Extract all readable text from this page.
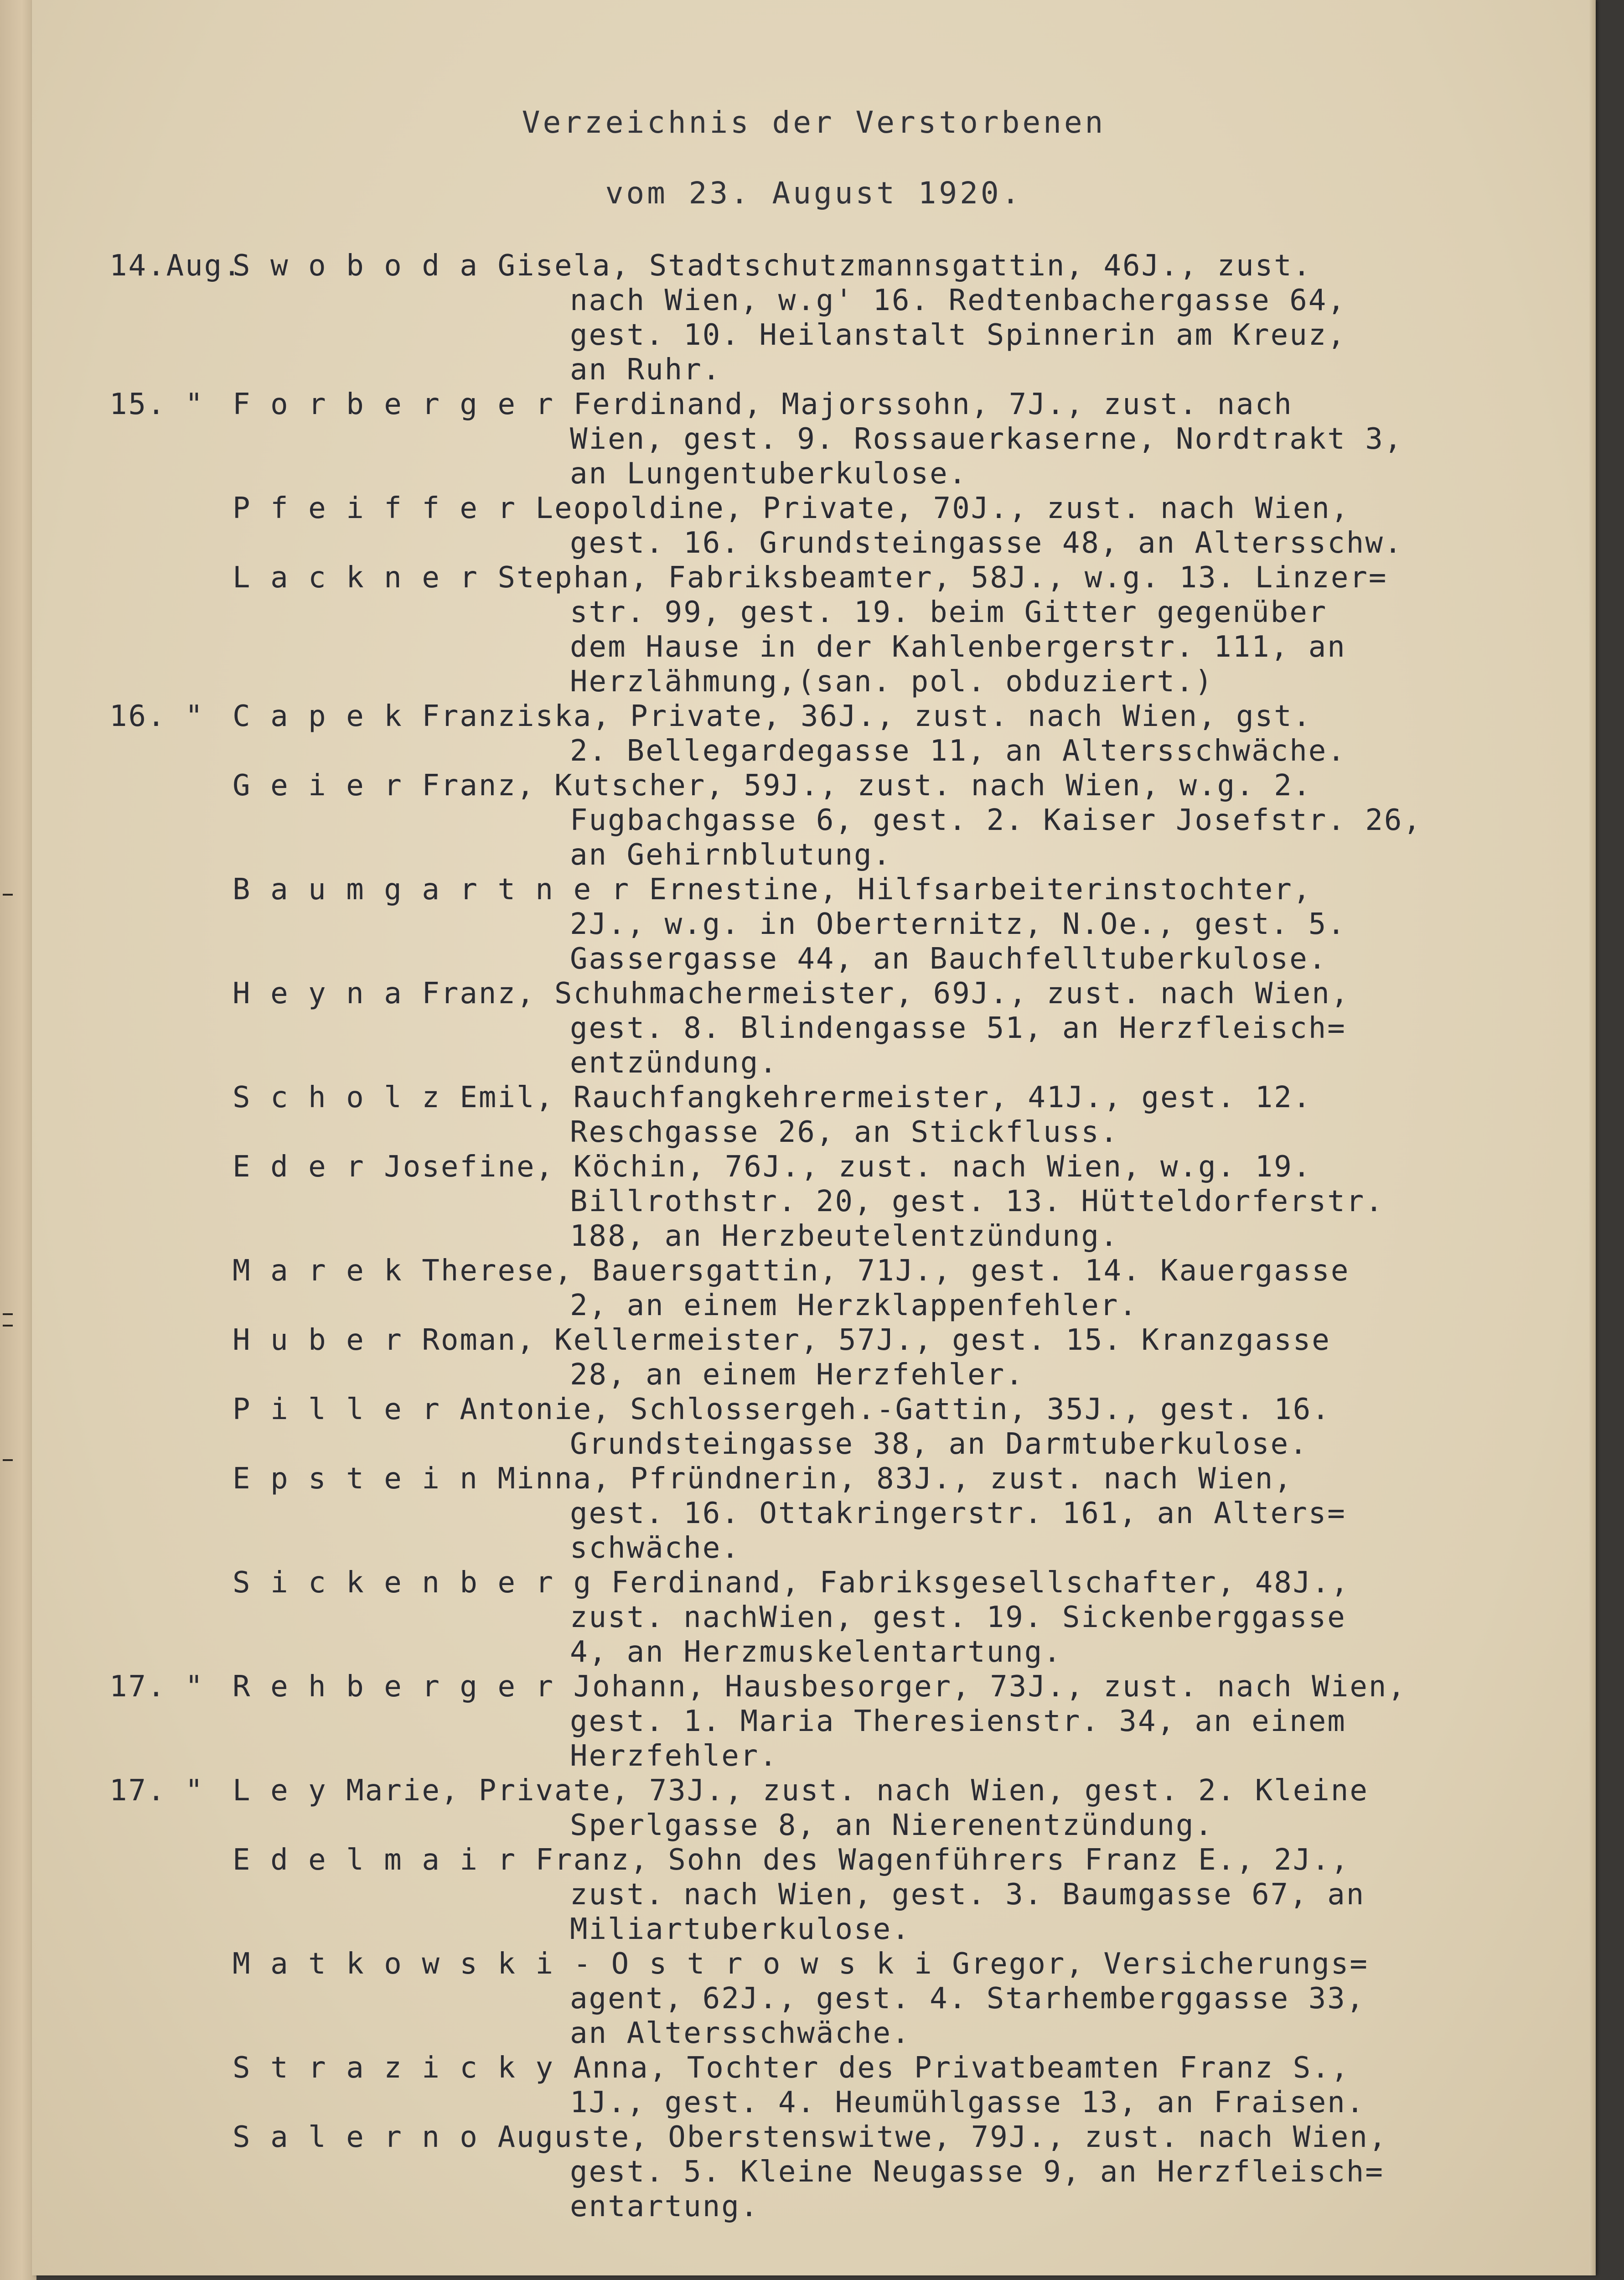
Verzeichnis der Verstorbenen
vom 23. August 1920.
14.Aug.
S w o b o d a Gisela, Stadtschutzmannsgattin, 46J., zust.
nach Wien, w.g' 16. Redtenbachergasse 64,
gest. 10. Heilanstalt Spinnerin am Kreuz,
an Ruhr.
15. " F o r b e r g e r Ferdinand, Majorssohn, 7J., zust. nach
Wien, gest. 9. Rossauerkaserne, Nordtrakt 3,
an Lungentuberkulose.
P f e i f f e r Leopoldine, Private, 70J., zust. nach Wien,
gest. 16. Grundsteingasse 48, an Altersschw.
L a c k n e r Stephan, Fabriksbeamter, 58J., w.g. 13. Linzer=
str. 99, gest. 19. beim Gitter gegenüber
dem Hause in der Kahlenbergerstr. 111, an
Herzlähmung,(san. pol. obduziert.)
16. " C a p e k Franziska, Private, 36J., zust. nach Wien, gst.
2. Bellegardegasse 11, an Altersschwäche.
G e i e r Franz, Kutscher, 59J., zust. nach Wien, w.g. 2.
Fugbachgasse 6, gest. 2. Kaiser Josefstr. 26,
an Gehirnblutung.
B a u m g a r t n e r Ernestine, Hilfsarbeiterinstochter,
2J., w.g. in Oberternitz, N.Oe., gest. 5.
Gassergasse 44, an Bauchfelltuberkulose.
H e y n a Franz, Schuhmachermeister, 69J., zust. nach Wien,
gest. 8. Blindengasse 51, an Herzfleisch=
entzündung.
S c h o l z Emil, Rauchfangkehrermeister, 41J., gest. 12.
Reschgasse 26, an Stickfluss.
E d e r Josefine, Köchin, 76J., zust. nach Wien, w.g. 19.
Billrothstr. 20, gest. 13. Hütteldorferstr.
188, an Herzbeutelentzündung.
M a r e k Therese, Bauersgattin, 71J., gest. 14. Kauergasse
2, an einem Herzklappenfehler.
H u b e r Roman, Kellermeister, 57J., gest. 15. Kranzgasse
28, an einem Herzfehler.
P i l l e r Antonie, Schlossergeh.-Gattin, 35J., gest. 16.
Grundsteingasse 38, an Darmtuberkulose.
E p s t e i n Minna, Pfründnerin, 83J., zust. nach Wien,
gest. 16. Ottakringerstr. 161, an Alters=
schwäche.
S i c k e n b e r g Ferdinand, Fabriksgesellschafter, 48J.,
zust. nachWien, gest. 19. Sickenberggasse
4, an Herzmuskelentartung.
17. " R e h b e r g e r Johann, Hausbesorger, 73J., zust. nach Wien,
gest. 1. Maria Theresienstr. 34, an einem
Herzfehler.
17. " L e y Marie, Private, 73J., zust. nach Wien, gest. 2. Kleine
Sperlgasse 8, an Nierenentzündung.
E d e l m a i r Franz, Sohn des Wagenführers Franz E., 2J.,
zust. nach Wien, gest. 3. Baumgasse 67, an
Miliartuberkulose.
M a t k o w s k i - O s t r o w s k i Gregor, Versicherungs=
agent, 62J., gest. 4. Starhemberggasse 33,
an Altersschwäche.
S t r a z i c k y Anna, Tochter des Privatbeamten Franz S.,
1J., gest. 4. Heumühlgasse 13, an Fraisen.
S a l e r n o Auguste, Oberstenswitwe, 79J., zust. nach Wien,
gest. 5. Kleine Neugasse 9, an Herzfleisch=
entartung.
